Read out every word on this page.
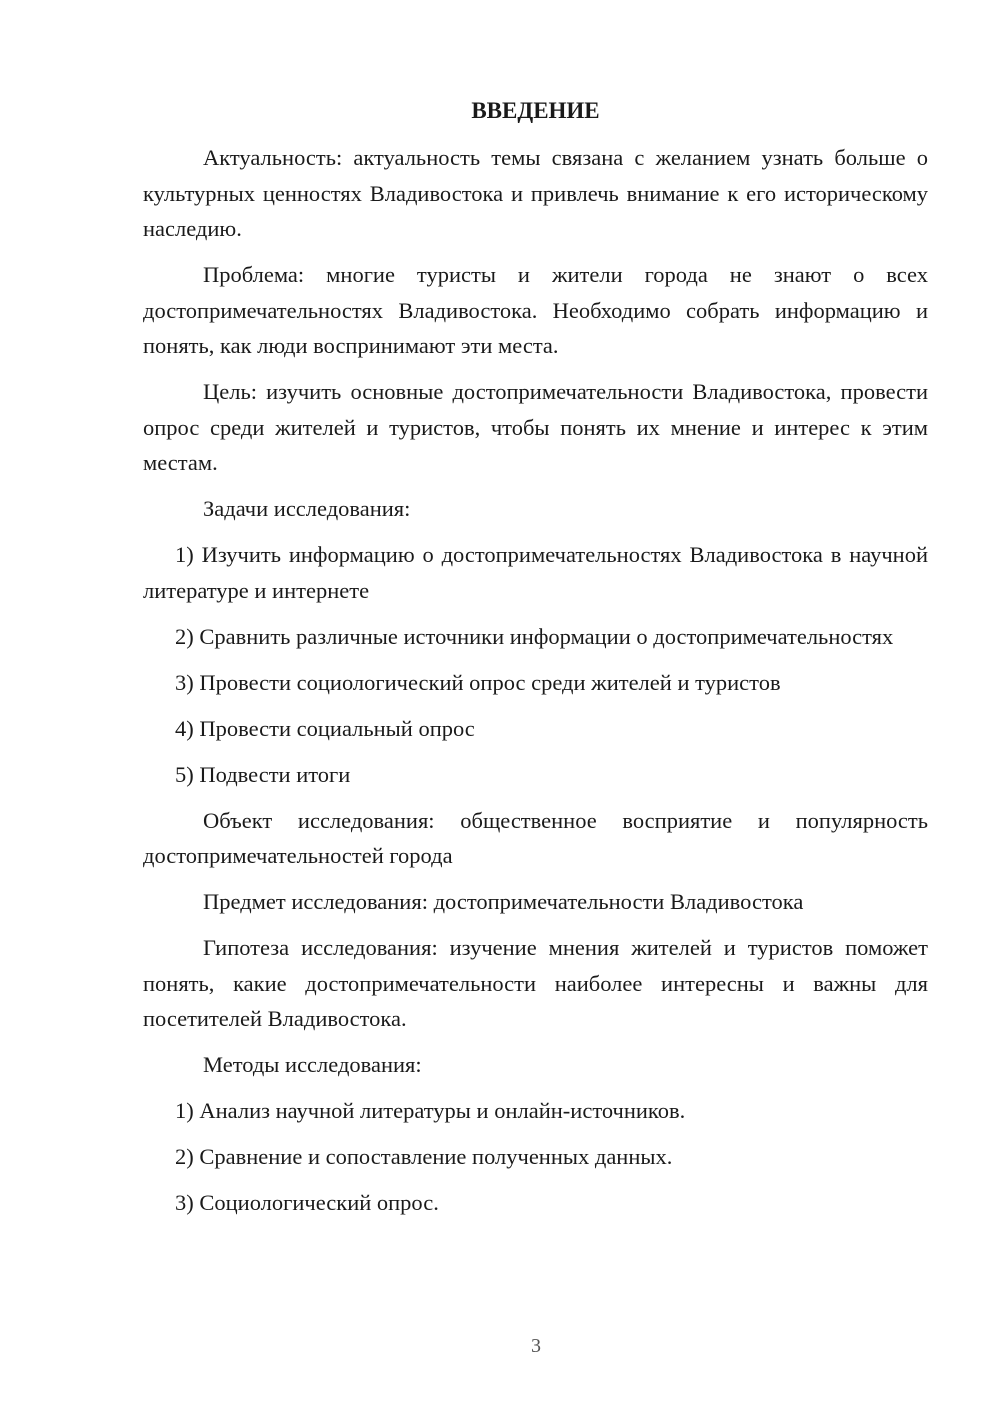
ВВЕДЕНИЕ

Актуальность: актуальность темы связана с желанием узнать больше о культурных ценностях Владивостока и привлечь внимание к его историческому наследию.

Проблема: многие туристы и жители города не знают о всех достопримечательностях Владивостока. Необходимо собрать информацию и понять, как люди воспринимают эти места.

Цель: изучить основные достопримечательности Владивостока, провести опрос среди жителей и туристов, чтобы понять их мнение и интерес к этим местам.

Задачи исследования:

1) Изучить информацию о достопримечательностях Владивостока в научной литературе и интернете

2) Сравнить различные источники информации о достопримечательностях

3) Провести социологический опрос среди жителей и туристов

4) Провести социальный опрос

5) Подвести итоги

Объект исследования: общественное восприятие и популярность достопримечательностей города

Предмет исследования: достопримечательности Владивостока

Гипотеза исследования: изучение мнения жителей и туристов поможет понять, какие достопримечательности наиболее интересны и важны для посетителей Владивостока.

Методы исследования:

1) Анализ научной литературы и онлайн-источников.

2) Сравнение и сопоставление полученных данных.

3) Социологический опрос.

3
